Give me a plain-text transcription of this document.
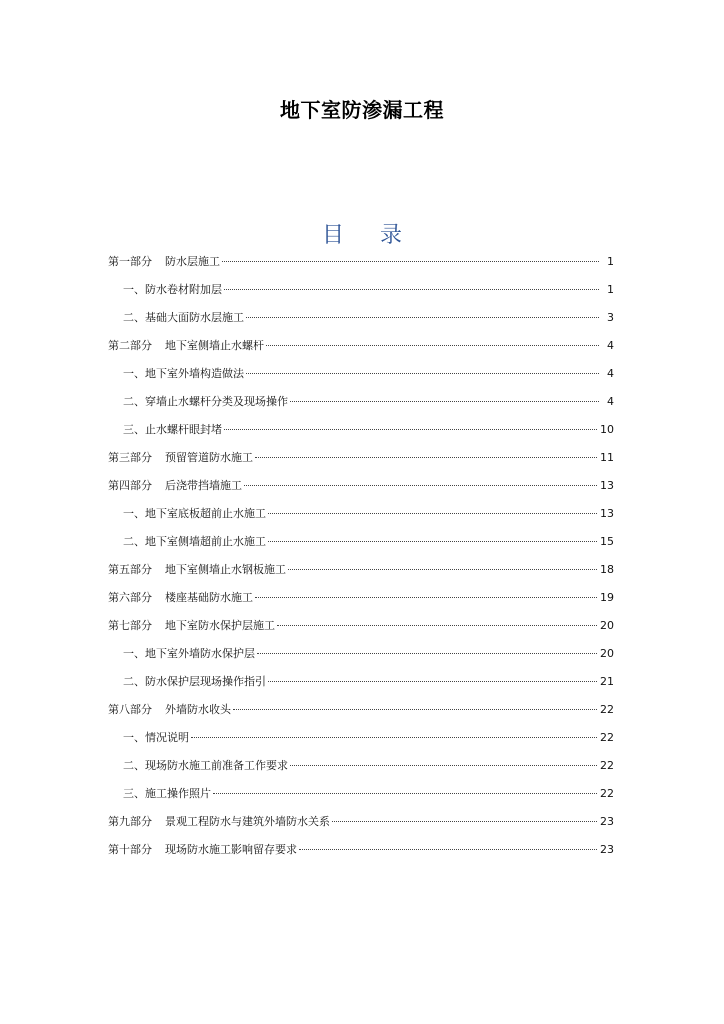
地下室防渗漏工程
目 录
第一部分 防水层施工	1
一、 防水卷材附加层	1
二、 基础大面防水层施工	3
第二部分 地下室侧墙止水螺杆	4
一、 地下室外墙构造做法	4
二、 穿墙止水螺杆分类及现场操作	4
三、 止水螺杆眼封堵	10
第三部分 预留管道防水施工	11
第四部分 后浇带挡墙施工	13
一、 地下室底板超前止水施工	13
二、 地下室侧墙超前止水施工	15
第五部分 地下室侧墙止水钢板施工	18
第六部分 楼座基础防水施工	19
第七部分 地下室防水保护层施工	20
一、 地下室外墙防水保护层	20
二、 防水保护层现场操作指引	21
第八部分 外墙防水收头	22
一、 情况说明	22
二、 现场防水施工前准备工作要求	22
三、 施工操作照片	22
第九部分 景观工程防水与建筑外墙防水关系	23
第十部分 现场防水施工影响留存要求	23
